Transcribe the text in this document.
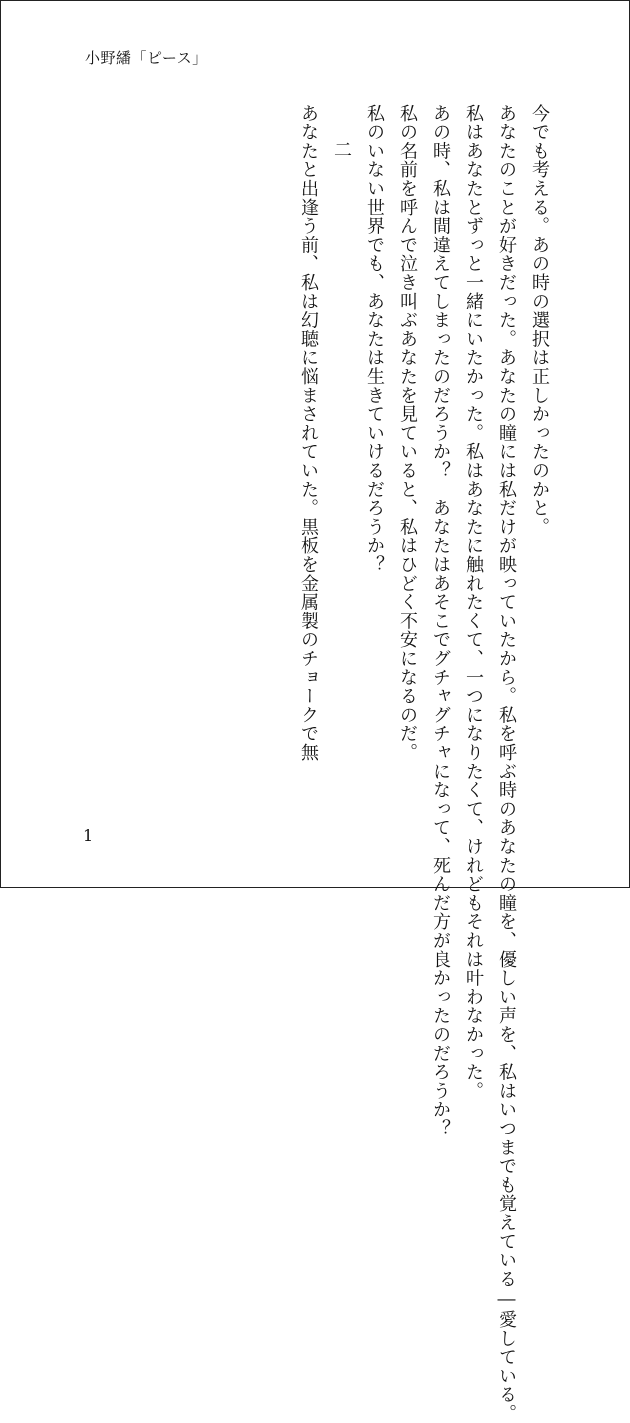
小野繙「ピース」

今でも考える。あの時の選択は正しかったのかと。

あなたのことが好きだった。あなたの瞳には私だけが映っていたから。私を呼ぶ時のあなたの瞳を、優しい声を、私はいつまでも覚えている―愛している。

私はあなたとずっと一緒にいたかった。私はあなたに触れたくて、一つになりたくて、けれどもそれは叶わなかった。

あの時、私は間違えてしまったのだろうか？　あなたはあそこでグチャグチャになって、死んだ方が良かったのだろうか？

私の名前を呼んで泣き叫ぶあなたを見ていると、私はひどく不安になるのだ。

私のいない世界でも、あなたは生きていけるだろうか？

二

あなたと出逢う前、私は幻聴に悩まされていた。黒板を金属製のチョークで無

1
